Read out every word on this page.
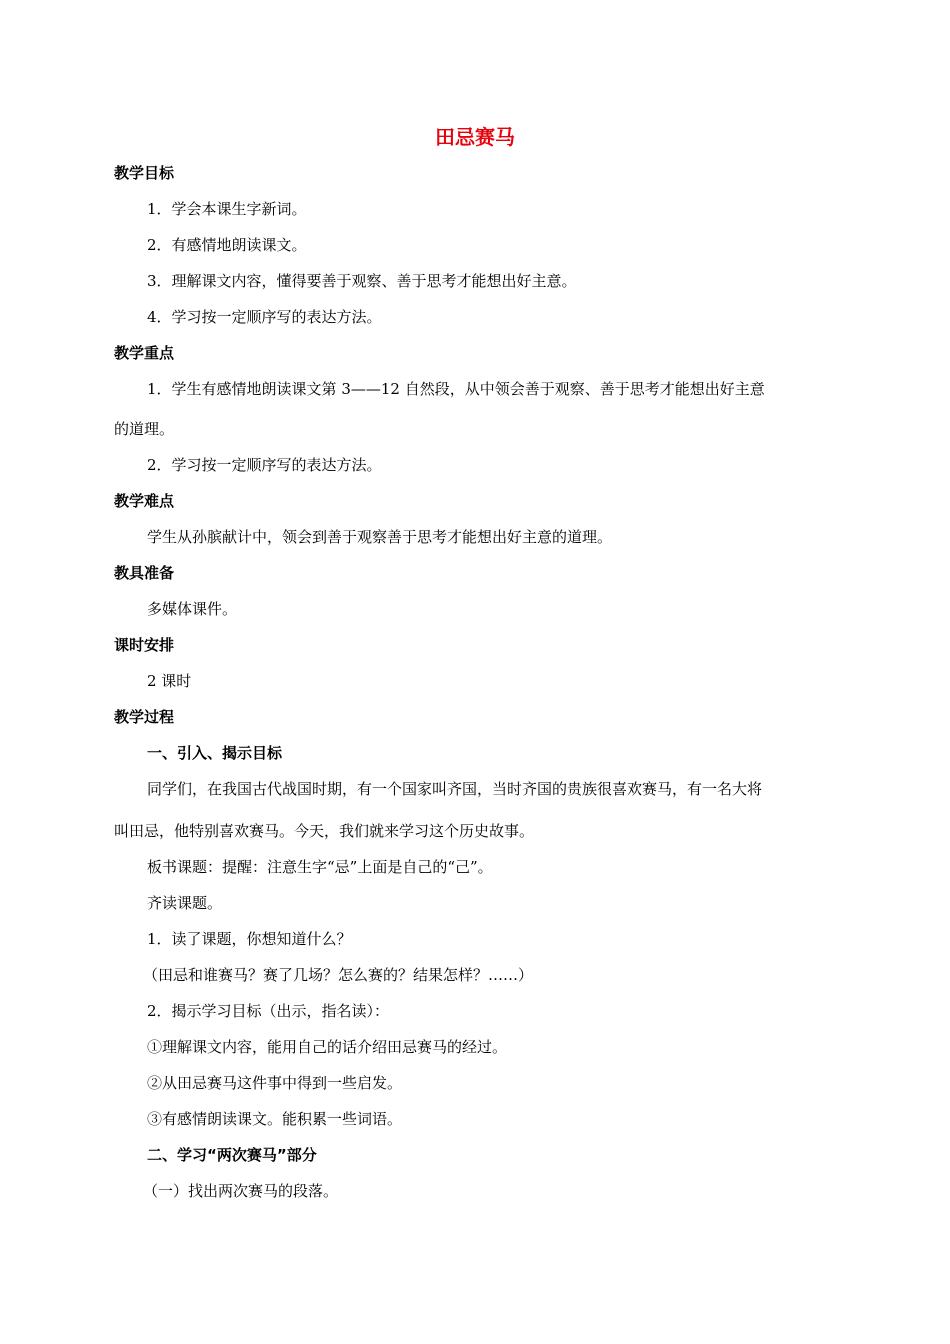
田忌赛马
教学目标
1．学会本课生字新词。
2．有感情地朗读课文。
3．理解课文内容，懂得要善于观察、善于思考才能想出好主意。
4．学习按一定顺序写的表达方法。
教学重点
1．学生有感情地朗读课文第 3——12 自然段，从中领会善于观察、善于思考才能想出好主意
的道理。
2．学习按一定顺序写的表达方法。
教学难点
学生从孙膑献计中，领会到善于观察善于思考才能想出好主意的道理。
教具准备
多媒体课件。
课时安排
2 课时
教学过程
一、引入、揭示目标
同学们，在我国古代战国时期，有一个国家叫齐国，当时齐国的贵族很喜欢赛马，有一名大将
叫田忌，他特别喜欢赛马。今天，我们就来学习这个历史故事。
板书课题：提醒：注意生字“忌”上面是自己的“己”。
齐读课题。
1．读了课题，你想知道什么？
（田忌和谁赛马？赛了几场？怎么赛的？结果怎样？……）
2．揭示学习目标（出示，指名读）：
①理解课文内容，能用自己的话介绍田忌赛马的经过。
②从田忌赛马这件事中得到一些启发。
③有感情朗读课文。能积累一些词语。
二、学习“两次赛马”部分
（一）找出两次赛马的段落。
